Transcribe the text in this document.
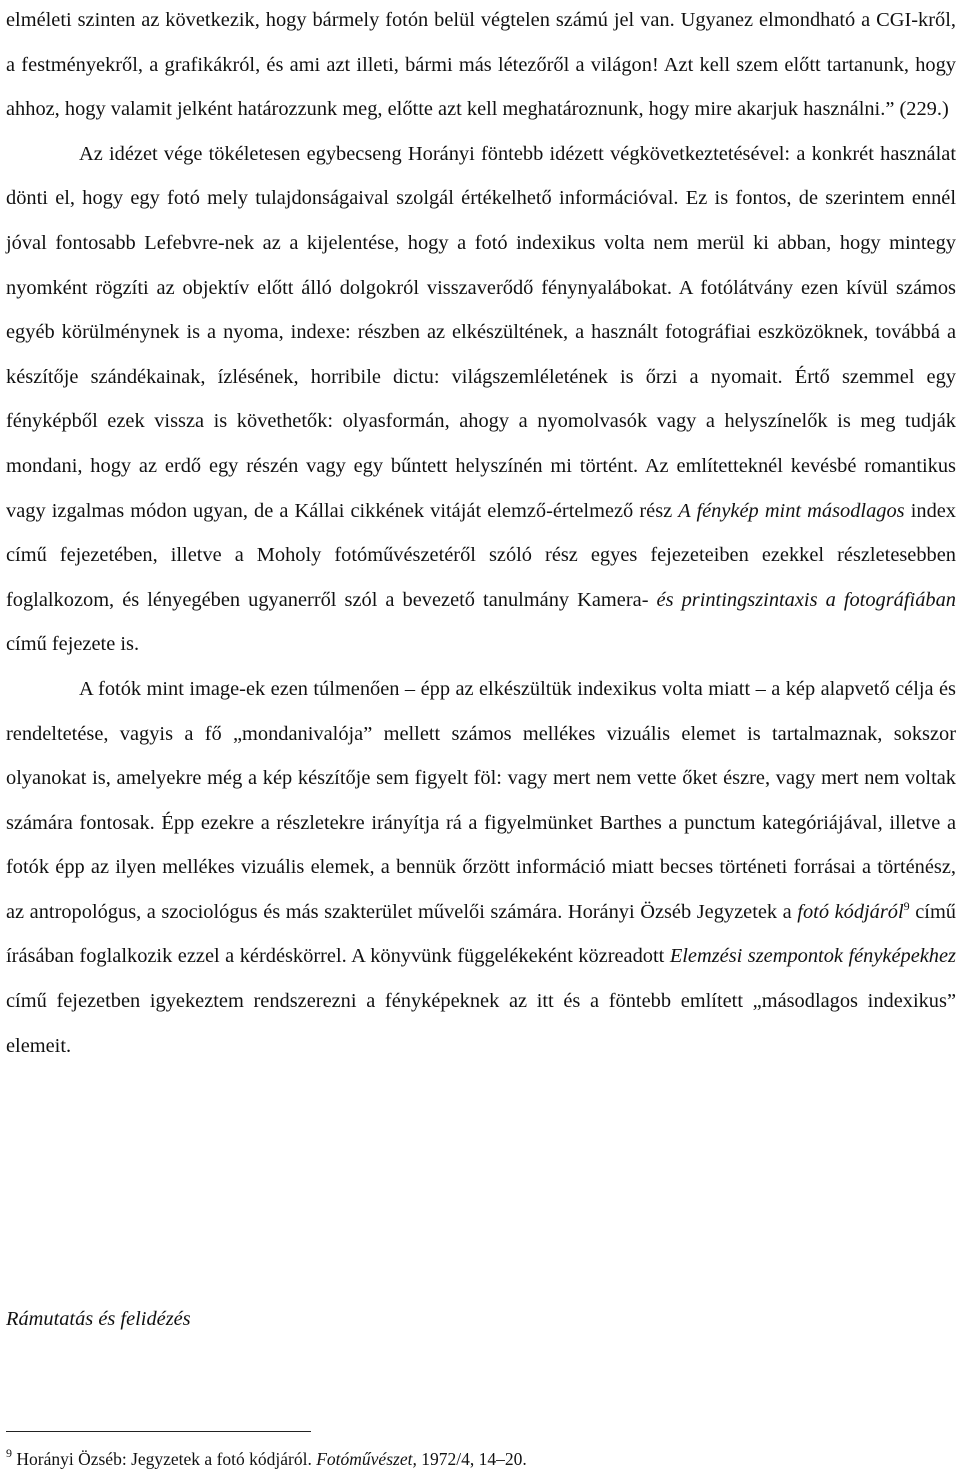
elméleti szinten az következik, hogy bármely fotón belül végtelen számú jel van. Ugyanez elmondható a CGI-kről, a festményekről, a grafikákról, és ami azt illeti, bármi más létezőről a világon! Azt kell szem előtt tartanunk, hogy ahhoz, hogy valamit jelként határozzunk meg, előtte azt kell meghatároznunk, hogy mire akarjuk használni.” (229.)

Az idézet vége tökéletesen egybecseng Horányi föntebb idézett végkövetkeztetésével: a konkrét használat dönti el, hogy egy fotó mely tulajdonságaival szolgál értékelhető információval. Ez is fontos, de szerintem ennél jóval fontosabb Lefebvre-nek az a kijelentése, hogy a fotó indexikus volta nem merül ki abban, hogy mintegy nyomként rögzíti az objektív előtt álló dolgokról visszaverődő fénynyalábokat. A fotólátvány ezen kívül számos egyéb körülménynek is a nyoma, indexe: részben az elkészültének, a használt fotográfiai eszközöknek, továbbá a készítője szándékainak, ízlésének, horribile dictu: világszemléletének is őrzi a nyomait. Értő szemmel egy fényképből ezek vissza is követhetők: olyasformán, ahogy a nyomolvasók vagy a helyszínelők is meg tudják mondani, hogy az erdő egy részén vagy egy bűntett helyszínén mi történt. Az említetteknél kevésbé romantikus vagy izgalmas módon ugyan, de a Kállai cikkének vitáját elemző-értelmező rész A fénykép mint másodlagos index című fejezetében, illetve a Moholy fotóművészetéről szóló rész egyes fejezeteiben ezekkel részletesebben foglalkozom, és lényegében ugyanerről szól a bevezető tanulmány Kamera- és printingszintaxis a fotográfiában című fejezete is.

A fotók mint image-ek ezen túlmenően – épp az elkészültük indexikus volta miatt – a kép alapvető célja és rendeltetése, vagyis a fő „mondanivalója” mellett számos mellékes vizuális elemet is tartalmaznak, sokszor olyanokat is, amelyekre még a kép készítője sem figyelt föl: vagy mert nem vette őket észre, vagy mert nem voltak számára fontosak. Épp ezekre a részletekre irányítja rá a figyelmünket Barthes a punctum kategóriájával, illetve a fotók épp az ilyen mellékes vizuális elemek, a bennük őrzött információ miatt becses történeti forrásai a történész, az antropológus, a szociológus és más szakterület művelői számára. Horányi Özséb Jegyzetek a fotó kódjáról$^9$ című írásában foglalkozik ezzel a kérdéskörrel. A könyvünk függelékeként közreadott Elemzési szempontok fényképekhez című fejezetben igyekeztem rendszerezni a fényképeknek az itt és a föntebb említett „másodlagos indexikus” elemeit.

Rámutatás és felidézés

$^9$ Horányi Özséb: Jegyzetek a fotó kódjáról. Fotóművészet, 1972/4, 14–20.
